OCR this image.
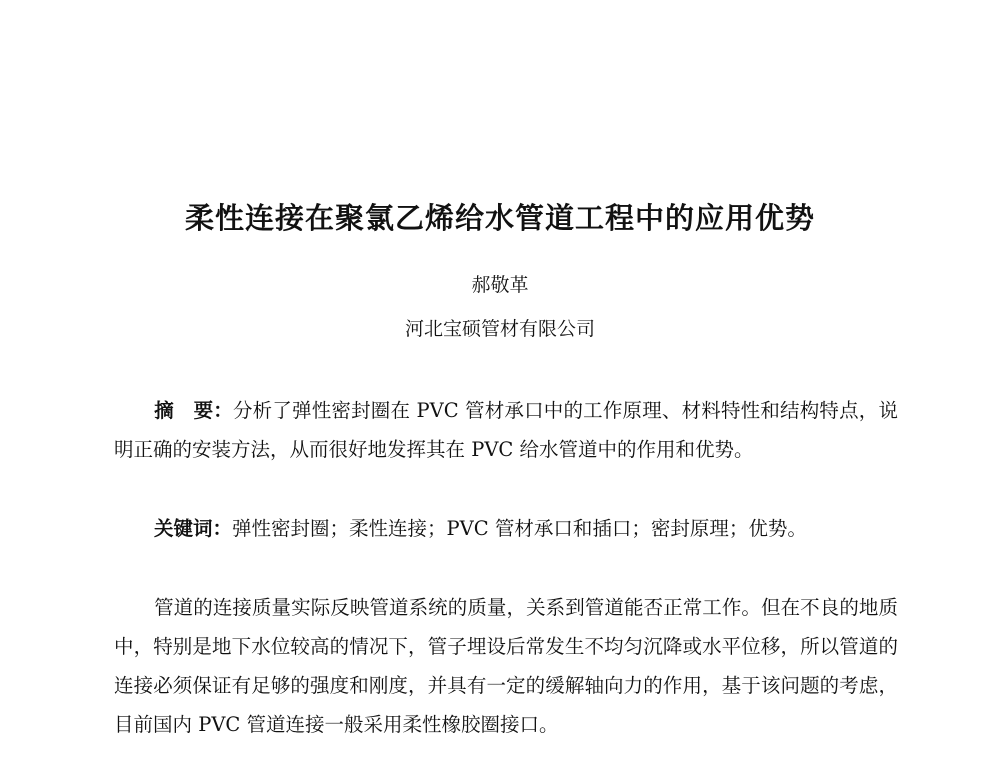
柔性连接在聚氯乙烯给水管道工程中的应用优势

郝敬革

河北宝硕管材有限公司

摘　要：分析了弹性密封圈在 PVC 管材承口中的工作原理、材料特性和结构特点，说明正确的安装方法，从而很好地发挥其在 PVC 给水管道中的作用和优势。

关键词：弹性密封圈；柔性连接；PVC 管材承口和插口；密封原理；优势。

管道的连接质量实际反映管道系统的质量，关系到管道能否正常工作。但在不良的地质中，特别是地下水位较高的情况下，管子埋设后常发生不均匀沉降或水平位移，所以管道的连接必须保证有足够的强度和刚度，并具有一定的缓解轴向力的作用，基于该问题的考虑，目前国内 PVC 管道连接一般采用柔性橡胶圈接口。
